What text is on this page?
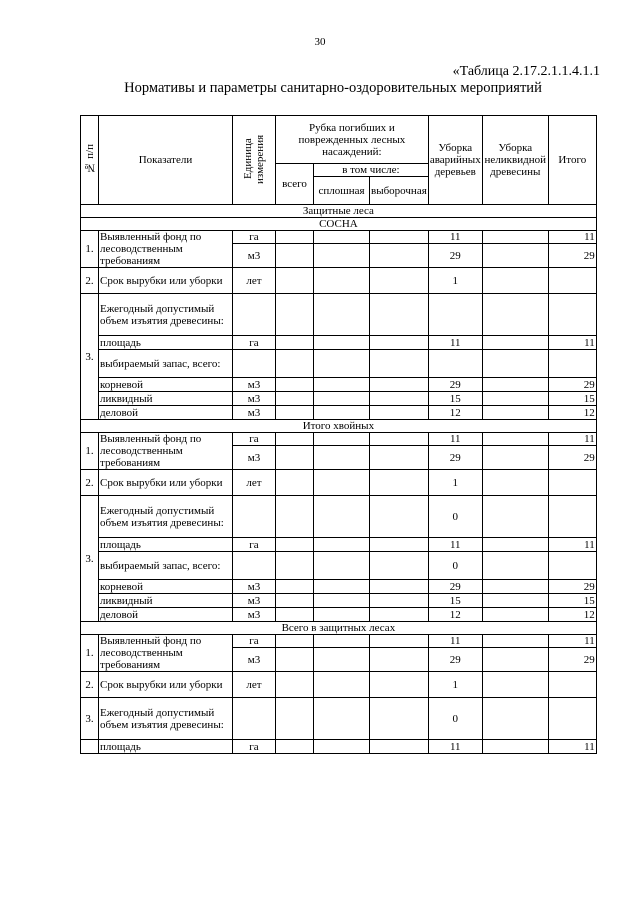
30
«Таблица 2.17.2.1.1.4.1.1
Нормативы и параметры санитарно-оздоровительных мероприятий
№ п/п	Показатели	Единица измерения	Рубка погибших и поврежденных лесных насаждений:			Уборка аварийных деревьев	Уборка неликвидной древесины	Итого
			всего	в том числе:				
				сплошная	выборочная			
Защитные леса								
СОСНА								
1.	Выявленный фонд по лесоводственным требованиям	га				11		11
		м3				29		29
2.	Срок вырубки или уборки	лет				1		
3.	Ежегодный допустимый объем изъятия древесины:							
	площадь	га				11		11
	выбираемый запас, всего:							
	корневой	м3				29		29
	ликвидный	м3				15		15
	деловой	м3				12		12
Итого хвойных								
1.	Выявленный фонд по лесоводственным требованиям	га				11		11
		м3				29		29
2.	Срок вырубки или уборки	лет				1		
3.	Ежегодный допустимый объем изъятия древесины:					0		
	площадь	га				11		11
	выбираемый запас, всего:					0		
	корневой	м3				29		29
	ликвидный	м3				15		15
	деловой	м3				12		12
Всего в защитных лесах								
1.	Выявленный фонд по лесоводственным требованиям	га				11		11
		м3				29		29
2.	Срок вырубки или уборки	лет				1		
3.	Ежегодный допустимый объем изъятия древесины:					0		
	площадь	га				11		11
